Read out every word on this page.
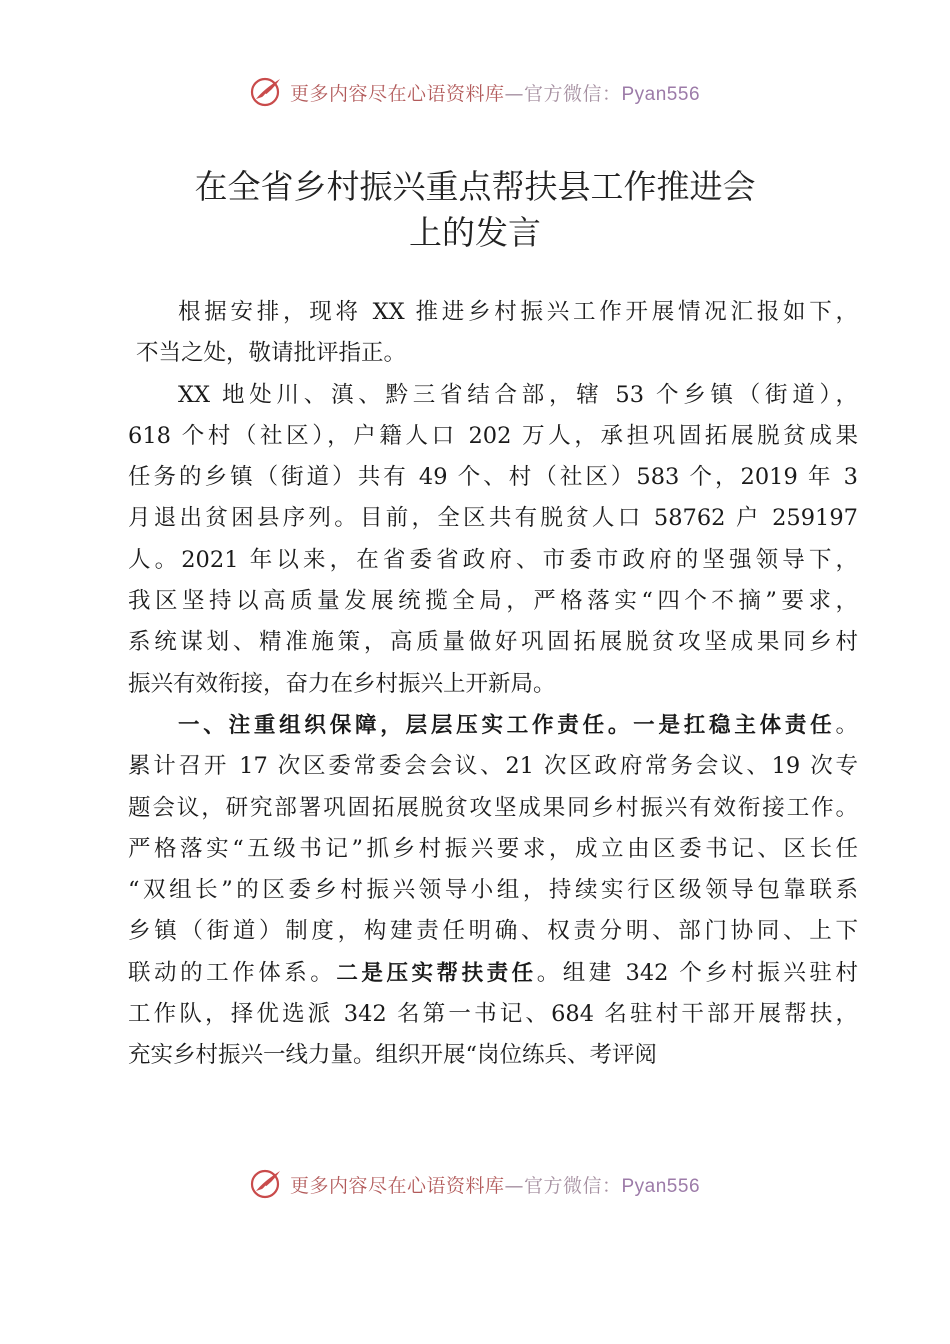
更多内容尽在心语资料库—官方微信：Pyan556
在全省乡村振兴重点帮扶县工作推进会
上的发言
根据安排，现将 XX 推进乡村振兴工作开展情况汇报如下，
不当之处，敬请批评指正。
XX 地处川、滇、黔三省结合部，辖 53 个乡镇（街道），
618 个村（社区），户籍人口 202 万人，承担巩固拓展脱贫成果
任务的乡镇（街道）共有 49 个、村（社区）583 个，2019 年 3
月退出贫困县序列。目前，全区共有脱贫人口 58762 户 259197
人。2021 年以来，在省委省政府、市委市政府的坚强领导下，
我区坚持以高质量发展统揽全局，严格落实“四个不摘”要求，
系统谋划、精准施策，高质量做好巩固拓展脱贫攻坚成果同乡村
振兴有效衔接，奋力在乡村振兴上开新局。
一、注重组织保障，层层压实工作责任。一是扛稳主体责任。
累计召开 17 次区委常委会会议、21 次区政府常务会议、19 次专
题会议，研究部署巩固拓展脱贫攻坚成果同乡村振兴有效衔接工作。
严格落实“五级书记”抓乡村振兴要求，成立由区委书记、区长任
“双组长”的区委乡村振兴领导小组，持续实行区级领导包靠联系
乡镇（街道）制度，构建责任明确、权责分明、部门协同、上下
联动的工作体系。二是压实帮扶责任。组建 342 个乡村振兴驻村
工作队，择优选派 342 名第一书记、684 名驻村干部开展帮扶，
充实乡村振兴一线力量。组织开展“岗位练兵、考评阅
更多内容尽在心语资料库—官方微信：Pyan556
